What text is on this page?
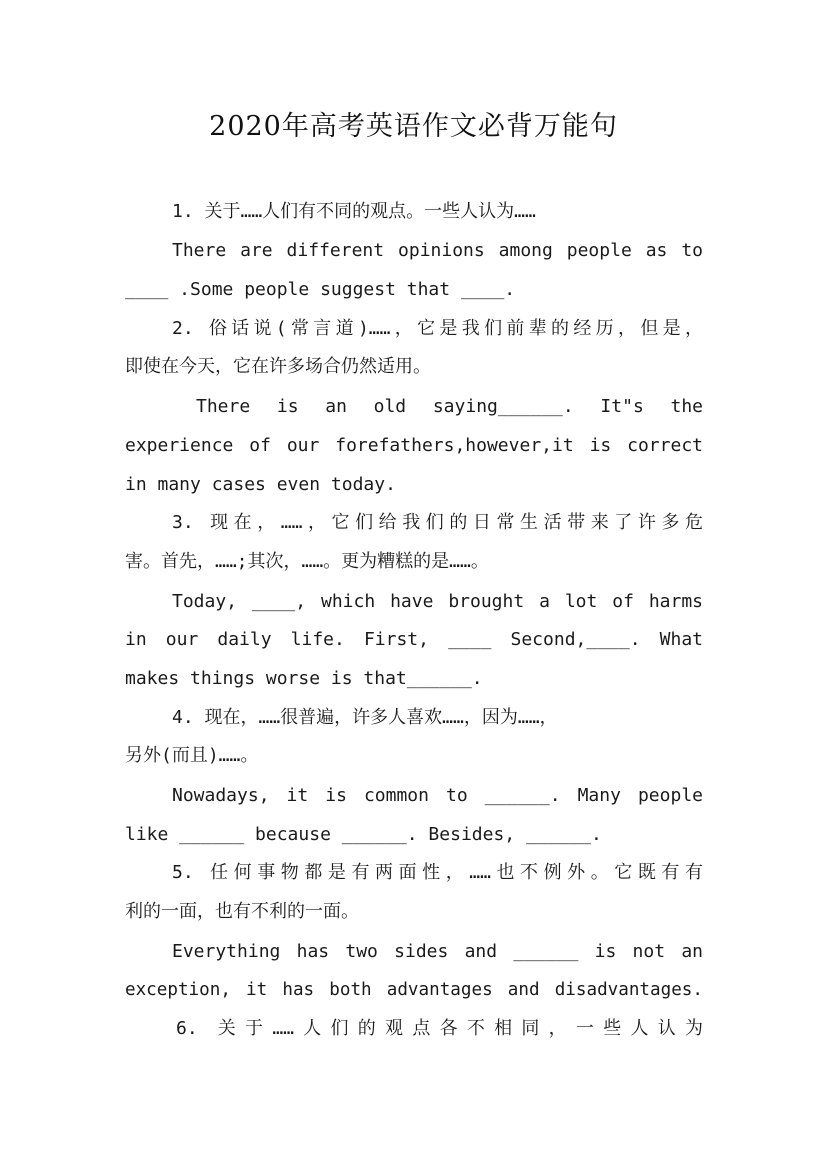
2020年高考英语作文必背万能句
1. 关于……人们有不同的观点。一些人认为……
There are different opinions among people as to
____ .Some people suggest that ____.
2. 俗话说(常言道)……，它是我们前辈的经历，但是，
即使在今天，它在许多场合仍然适用。
There is an old saying______. It"s the
experience of our forefathers,however,it is correct
in many cases even today.
3. 现在，……，它们给我们的日常生活带来了许多危
害。首先，……;其次，……。更为糟糕的是……。
Today, ____, which have brought a lot of harms
in our daily life. First, ____ Second,____. What
makes things worse is that______.
4. 现在，……很普遍，许多人喜欢……，因为……，
另外(而且)……。
Nowadays, it is common to ______. Many people
like ______ because ______. Besides, ______.
5. 任何事物都是有两面性，……也不例外。它既有有
利的一面，也有不利的一面。
Everything has two sides and ______ is not an
exception, it has both advantages and disadvantages.
6. 关于……人们的观点各不相同，一些人认为
